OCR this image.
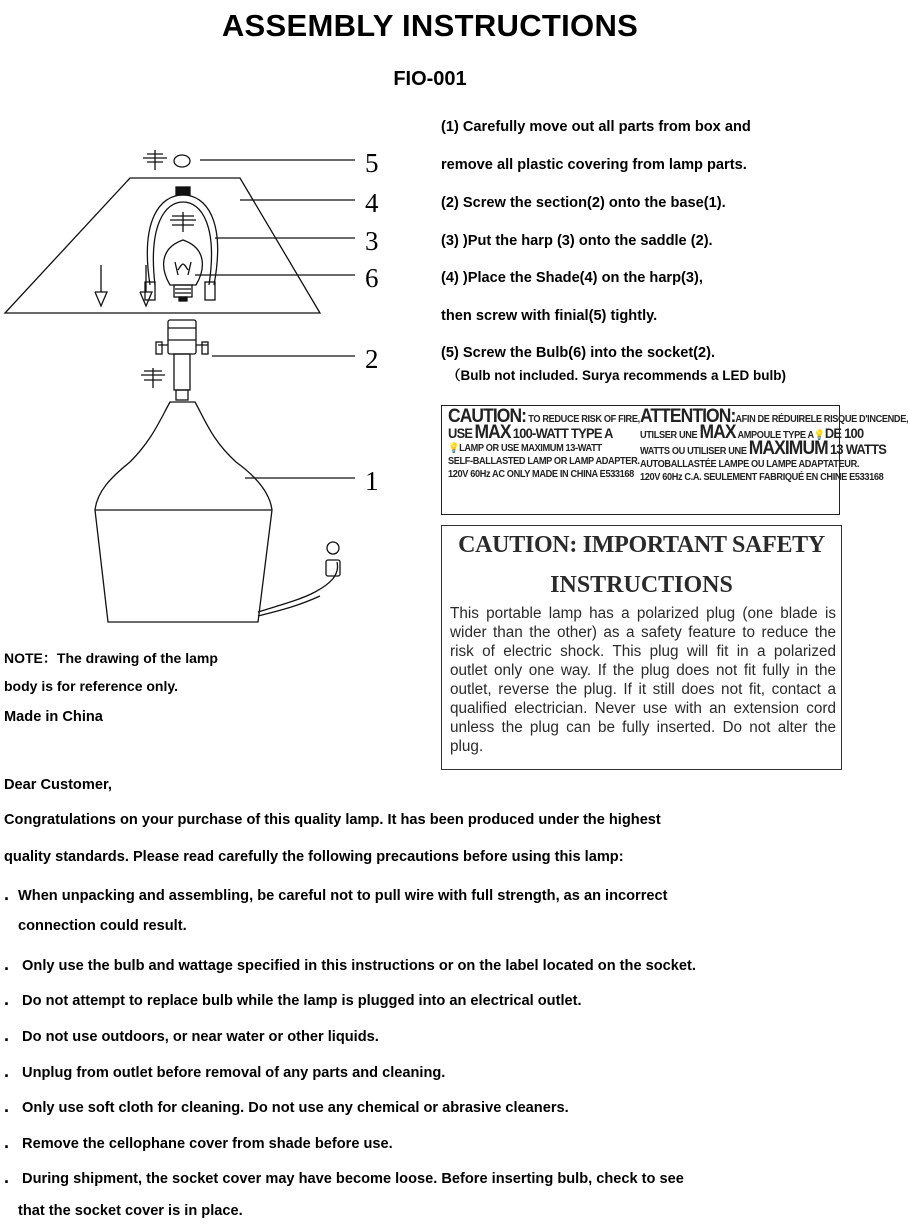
ASSEMBLY INSTRUCTIONS
FIO-001
5
4
3
6
2
1
(1) Carefully move out all parts from box and
remove all plastic covering from lamp parts.
(2) Screw the section(2) onto the base(1).
(3) )Put the harp (3) onto the saddle (2).
(4) )Place the Shade(4) on the harp(3),
then screw with finial(5) tightly.
(5) Screw the Bulb(6) into the socket(2).
（Bulb not included. Surya recommends a LED bulb)
CAUTION: TO REDUCE RISK OF FIRE,
USE MAX 100-WATT TYPE A
💡LAMP OR USE MAXIMUM 13-WATT
SELF-BALLASTED LAMP OR LAMP ADAPTER.
120V 60Hz AC ONLY MADE IN CHINA E533168
ATTENTION:AFIN DE RÉDUIRELE RISQUE D'INCENDE,
UTILSER UNE MAX AMPOULE TYPE A💡DE 100
WATTS OU UTILISER UNE MAXIMUM 13 WATTS
AUTOBALLASTÉE LAMPE OU LAMPE ADAPTATEUR.
120V 60Hz C.A. SEULEMENT FABRIQUÉ EN CHINE E533168
CAUTION: IMPORTANT SAFETY
INSTRUCTIONS
This portable lamp has a polarized plug (one blade is wider than the other) as a safety feature to reduce the risk of electric shock. This plug will fit in a polarized outlet only one way. If the plug does not fit fully in the outlet, reverse the plug. If it still does not fit, contact a qualified electrician. Never use with an extension cord unless the plug can be fully inserted. Do not alter the plug.
NOTE：The drawing of the lamp
body is for reference only.
Made in China
Dear Customer,
Congratulations on your purchase of this quality lamp. It has been produced under the highest
quality standards. Please read carefully the following precautions before using this lamp:
. When unpacking and assembling, be careful not to pull wire with full strength, as an incorrect
connection could result.
. Only use the bulb and wattage specified in this instructions or on the label located on the socket.
. Do not attempt to replace bulb while the lamp is plugged into an electrical outlet.
. Do not use outdoors, or near water or other liquids.
. Unplug from outlet before removal of any parts and cleaning.
. Only use soft cloth for cleaning. Do not use any chemical or abrasive cleaners.
. Remove the cellophane cover from shade before use.
. During shipment, the socket cover may have become loose. Before inserting bulb, check to see
that the socket cover is in place.
